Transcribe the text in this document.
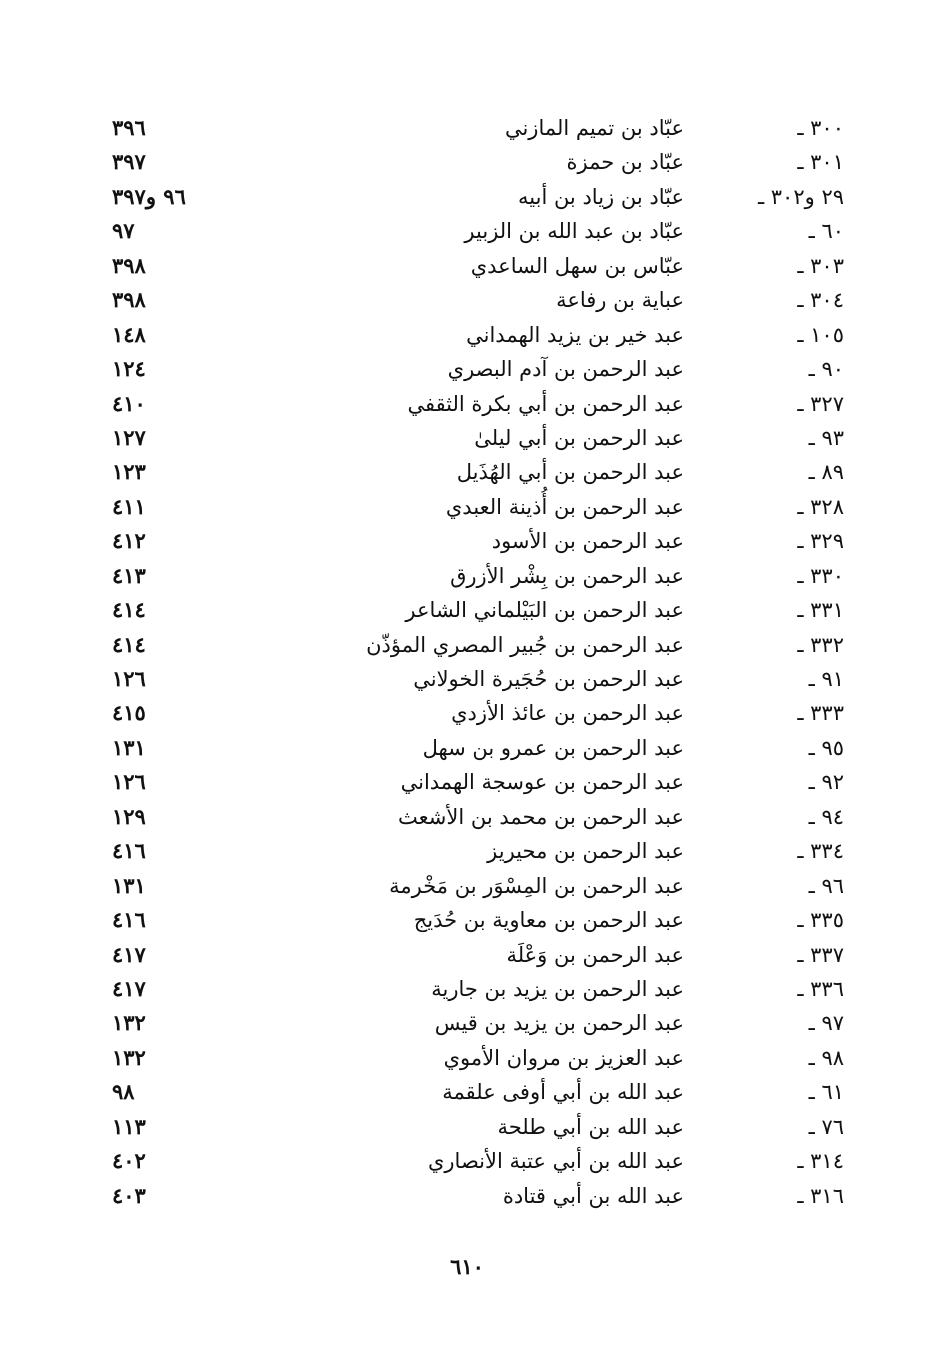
٣٠٠ ـ
عبّاد بن تميم المازني
٣٩٦
٣٠١ ـ
عبّاد بن حمزة
٣٩٧
٢٩ و٣٠٢ ـ
عبّاد بن زياد بن أبيه
٩٦ و٣٩٧
٦٠ ـ
عبّاد بن عبد الله بن الزبير
٩٧
٣٠٣ ـ
عبّاس بن سهل الساعدي
٣٩٨
٣٠٤ ـ
عباية بن رفاعة
٣٩٨
١٠٥ ـ
عبد خير بن يزيد الهمداني
١٤٨
٩٠ ـ
عبد الرحمن بن آدم البصري
١٢٤
٣٢٧ ـ
عبد الرحمن بن أبي بكرة الثقفي
٤١٠
٩٣ ـ
عبد الرحمن بن أبي ليلىٰ
١٢٧
٨٩ ـ
عبد الرحمن بن أبي الهُذَيل
١٢٣
٣٢٨ ـ
عبد الرحمن بن أُذينة العبدي
٤١١
٣٢٩ ـ
عبد الرحمن بن الأسود
٤١٢
٣٣٠ ـ
عبد الرحمن بن بِشْر الأزرق
٤١٣
٣٣١ ـ
عبد الرحمن بن البَيْلماني الشاعر
٤١٤
٣٣٢ ـ
عبد الرحمن بن جُبير المصري المؤذّن
٤١٤
٩١ ـ
عبد الرحمن بن حُجَيرة الخولاني
١٢٦
٣٣٣ ـ
عبد الرحمن بن عائذ الأزدي
٤١٥
٩٥ ـ
عبد الرحمن بن عمرو بن سهل
١٣١
٩٢ ـ
عبد الرحمن بن عوسجة الهمداني
١٢٦
٩٤ ـ
عبد الرحمن بن محمد بن الأشعث
١٢٩
٣٣٤ ـ
عبد الرحمن بن محيريز
٤١٦
٩٦ ـ
عبد الرحمن بن المِسْوَر بن مَخْرمة
١٣١
٣٣٥ ـ
عبد الرحمن بن معاوية بن حُدَيج
٤١٦
٣٣٧ ـ
عبد الرحمن بن وَعْلَة
٤١٧
٣٣٦ ـ
عبد الرحمن بن يزيد بن جارية
٤١٧
٩٧ ـ
عبد الرحمن بن يزيد بن قيس
١٣٢
٩٨ ـ
عبد العزيز بن مروان الأموي
١٣٢
٦١ ـ
عبد الله بن أبي أوفى علقمة
٩٨
٧٦ ـ
عبد الله بن أبي طلحة
١١٣
٣١٤ ـ
عبد الله بن أبي عتبة الأنصاري
٤٠٢
٣١٦ ـ
عبد الله بن أبي قتادة
٤٠٣
٦١٠
